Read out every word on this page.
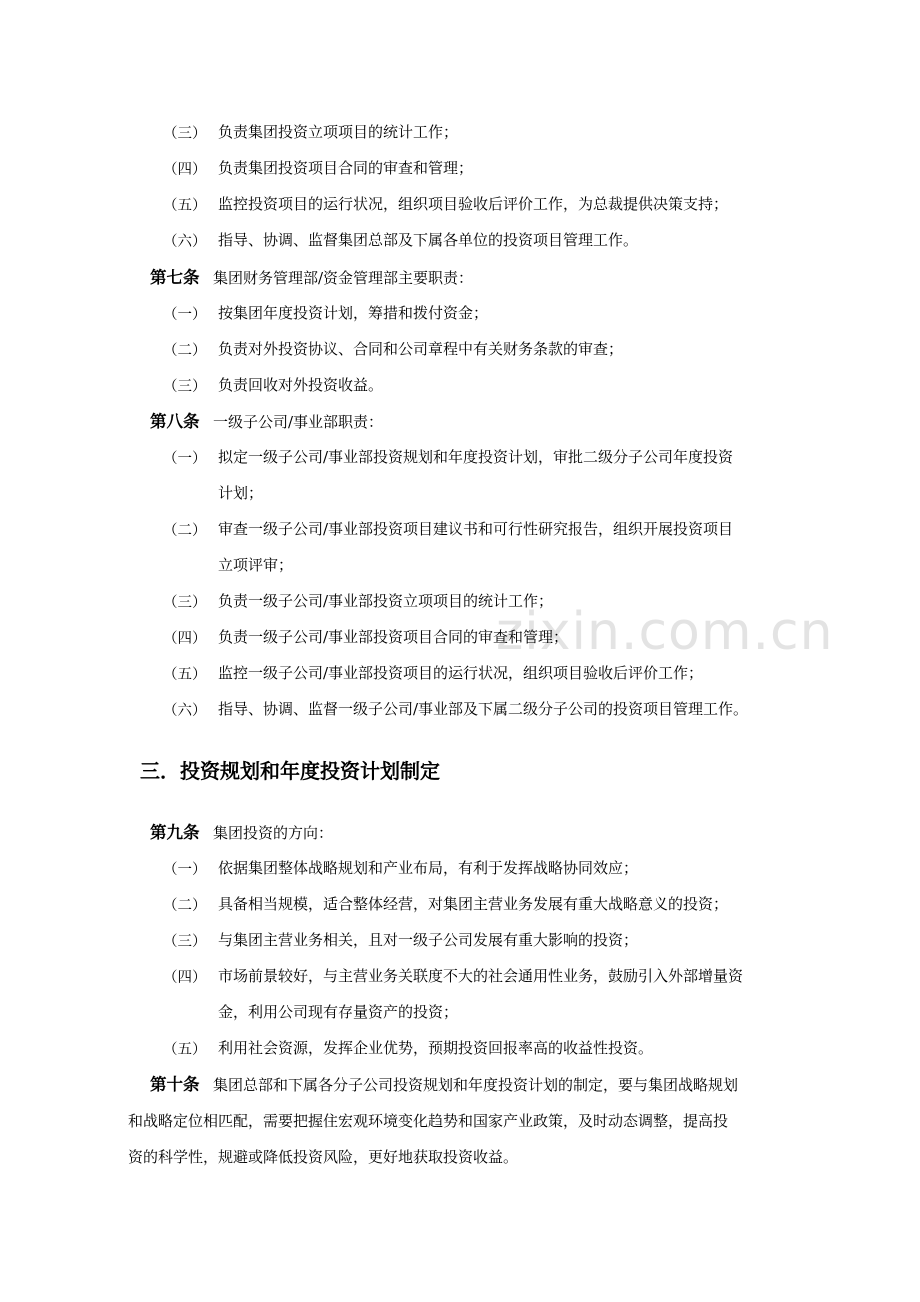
zixin.com.cn
（三） 负责集团投资立项项目的统计工作；
（四） 负责集团投资项目合同的审查和管理；
（五） 监控投资项目的运行状况，组织项目验收后评价工作，为总裁提供决策支持；
（六） 指导、协调、监督集团总部及下属各单位的投资项目管理工作。
第七条 集团财务管理部/资金管理部主要职责：
（一） 按集团年度投资计划，筹措和拨付资金；
（二） 负责对外投资协议、合同和公司章程中有关财务条款的审查；
（三） 负责回收对外投资收益。
第八条 一级子公司/事业部职责：
（一） 拟定一级子公司/事业部投资规划和年度投资计划，审批二级分子公司年度投资
计划；
（二） 审查一级子公司/事业部投资项目建议书和可行性研究报告，组织开展投资项目
立项评审；
（三） 负责一级子公司/事业部投资立项项目的统计工作；
（四） 负责一级子公司/事业部投资项目合同的审查和管理；
（五） 监控一级子公司/事业部投资项目的运行状况，组织项目验收后评价工作；
（六） 指导、协调、监督一级子公司/事业部及下属二级分子公司的投资项目管理工作。
三．投资规划和年度投资计划制定
第九条 集团投资的方向：
（一） 依据集团整体战略规划和产业布局，有利于发挥战略协同效应；
（二） 具备相当规模，适合整体经营，对集团主营业务发展有重大战略意义的投资；
（三） 与集团主营业务相关，且对一级子公司发展有重大影响的投资；
（四） 市场前景较好，与主营业务关联度不大的社会通用性业务，鼓励引入外部增量资
金，利用公司现有存量资产的投资；
（五） 利用社会资源，发挥企业优势，预期投资回报率高的收益性投资。
第十条 集团总部和下属各分子公司投资规划和年度投资计划的制定，要与集团战略规划
和战略定位相匹配，需要把握住宏观环境变化趋势和国家产业政策，及时动态调整，提高投
资的科学性，规避或降低投资风险，更好地获取投资收益。
